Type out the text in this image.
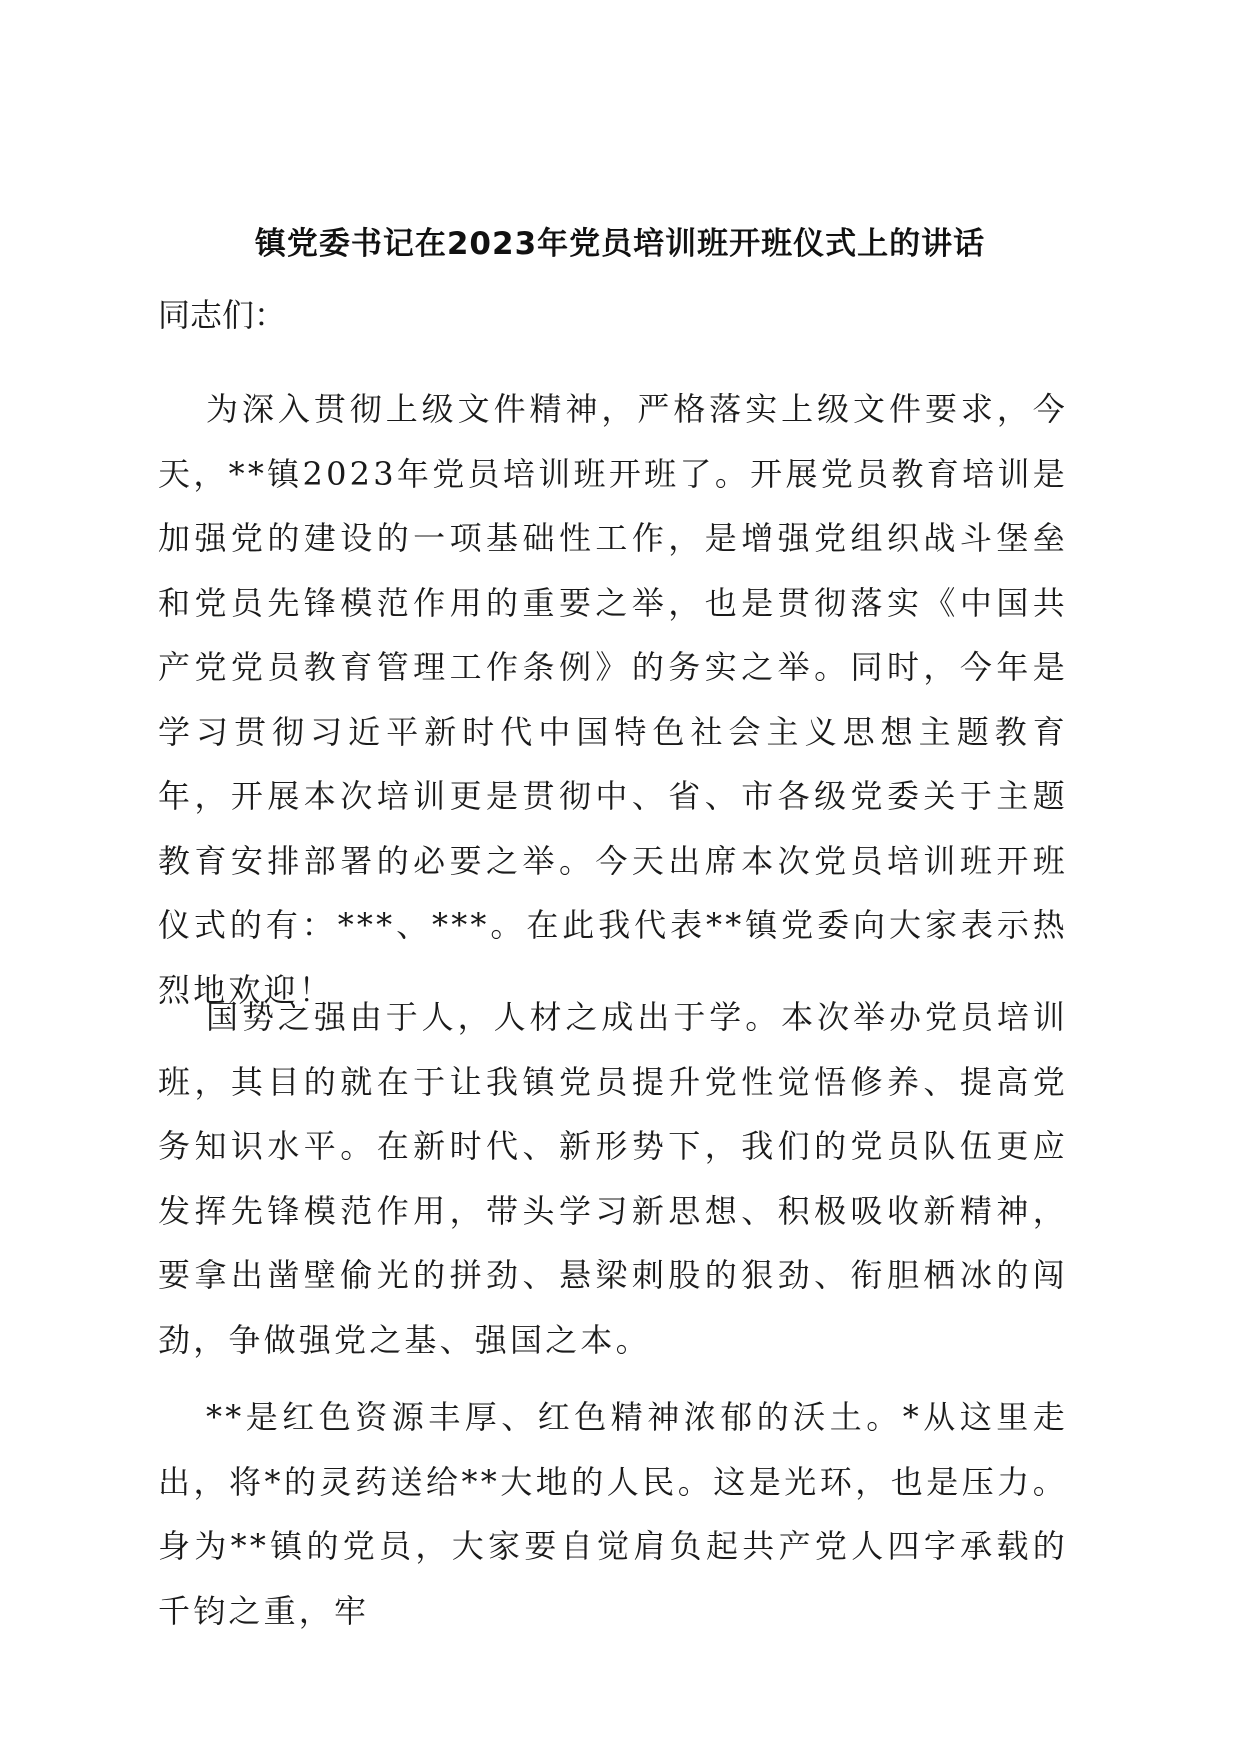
镇党委书记在2023年党员培训班开班仪式上的讲话

同志们：

为深入贯彻上级文件精神，严格落实上级文件要求，今天，**镇2023年党员培训班开班了。开展党员教育培训是加强党的建设的一项基础性工作，是增强党组织战斗堡垒和党员先锋模范作用的重要之举，也是贯彻落实《中国共产党党员教育管理工作条例》的务实之举。同时，今年是学习贯彻习近平新时代中国特色社会主义思想主题教育年，开展本次培训更是贯彻中、省、市各级党委关于主题教育安排部署的必要之举。今天出席本次党员培训班开班仪式的有：***、***。在此我代表**镇党委向大家表示热烈地欢迎！

国势之强由于人，人材之成出于学。本次举办党员培训班，其目的就在于让我镇党员提升党性觉悟修养、提高党务知识水平。在新时代、新形势下，我们的党员队伍更应发挥先锋模范作用，带头学习新思想、积极吸收新精神，要拿出凿壁偷光的拼劲、悬梁刺股的狠劲、衔胆栖冰的闯劲，争做强党之基、强国之本。

**是红色资源丰厚、红色精神浓郁的沃土。*从这里走出，将*的灵药送给**大地的人民。这是光环，也是压力。身为**镇的党员，大家要自觉肩负起共产党人四字承载的千钧之重，牢
